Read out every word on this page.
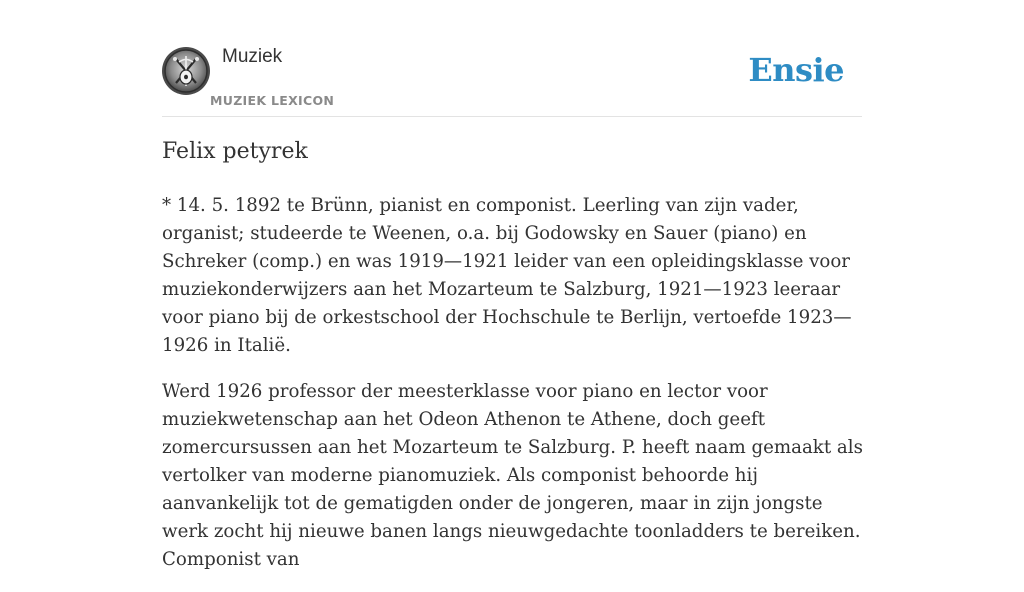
Muziek
MUZIEK LEXICON
Ensie
Felix petyrek

* 14. 5. 1892 te Brünn, pianist en componist. Leerling van zijn vader, organist; studeerde te Weenen, o.a. bij Godowsky en Sauer (piano) en Schreker (comp.) en was 1919—1921 leider van een opleidingsklasse voor muziekonderwijzers aan het Mozarteum te Salzburg, 1921—1923 leeraar voor piano bij de orkestschool der Hochschule te Berlijn, vertoefde 1923—1926 in Italië.

Werd 1926 professor der meesterklasse voor piano en lector voor muziekwetenschap aan het Odeon Athenon te Athene, doch geeft zomercursussen aan het Mozarteum te Salzburg. P. heeft naam gemaakt als vertolker van moderne pianomuziek. Als componist behoorde hij aanvankelijk tot de gematigden onder de jongeren, maar in zijn jongste werk zocht hij nieuwe banen langs nieuwgedachte toonladders te bereiken. Componist van
